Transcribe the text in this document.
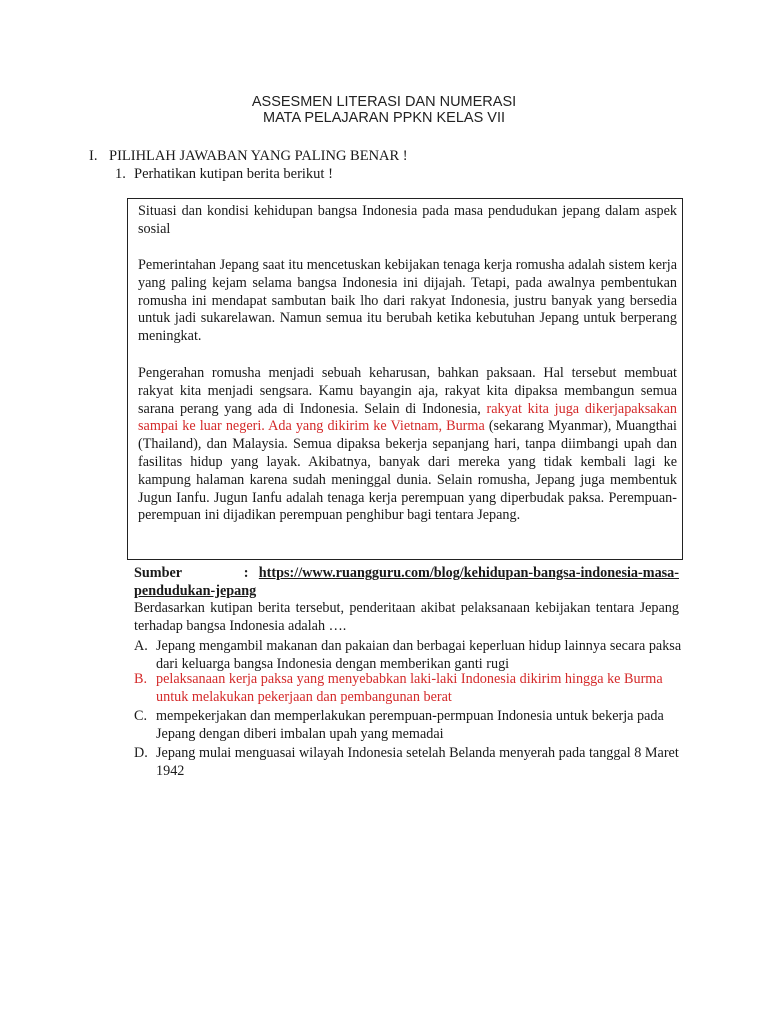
ASSESMEN LITERASI DAN NUMERASI
MATA PELAJARAN PPKN KELAS VII
I. PILIHLAH JAWABAN YANG PALING BENAR !
1. Perhatikan kutipan berita berikut !

Situasi dan kondisi kehidupan bangsa Indonesia pada masa pendudukan jepang dalam aspek sosial

Pemerintahan Jepang saat itu mencetuskan kebijakan tenaga kerja romusha adalah sistem kerja yang paling kejam selama bangsa Indonesia ini dijajah. Tetapi, pada awalnya pembentukan romusha ini mendapat sambutan baik lho dari rakyat Indonesia, justru banyak yang bersedia untuk jadi sukarelawan. Namun semua itu berubah ketika kebutuhan Jepang untuk berperang meningkat.

Pengerahan romusha menjadi sebuah keharusan, bahkan paksaan. Hal tersebut membuat rakyat kita menjadi sengsara. Kamu bayangin aja, rakyat kita dipaksa membangun semua sarana perang yang ada di Indonesia. Selain di Indonesia, rakyat kita juga dikerjapaksakan sampai ke luar negeri. Ada yang dikirim ke Vietnam, Burma (sekarang Myanmar), Muangthai (Thailand), dan Malaysia. Semua dipaksa bekerja sepanjang hari, tanpa diimbangi upah dan fasilitas hidup yang layak. Akibatnya, banyak dari mereka yang tidak kembali lagi ke kampung halaman karena sudah meninggal dunia. Selain romusha, Jepang juga membentuk Jugun Ianfu. Jugun Ianfu adalah tenaga kerja perempuan yang diperbudak paksa. Perempuan-perempuan ini dijadikan perempuan penghibur bagi tentara Jepang.

Sumber      : https://www.ruangguru.com/blog/kehidupan-bangsa-indonesia-masa-pendudukan-jepang
Berdasarkan kutipan berita tersebut, penderitaan akibat pelaksanaan kebijakan tentara Jepang terhadap bangsa Indonesia adalah ….
A. Jepang mengambil makanan dan pakaian dan berbagai keperluan hidup lainnya secara paksa dari keluarga bangsa Indonesia dengan memberikan ganti rugi
B. pelaksanaan kerja paksa yang menyebabkan laki-laki Indonesia dikirim hingga ke Burma untuk melakukan pekerjaan dan pembangunan berat
C. mempekerjakan dan memperlakukan perempuan-permpuan Indonesia untuk bekerja pada Jepang dengan diberi imbalan upah yang memadai
D. Jepang mulai menguasai wilayah Indonesia setelah Belanda menyerah pada tanggal 8 Maret 1942
